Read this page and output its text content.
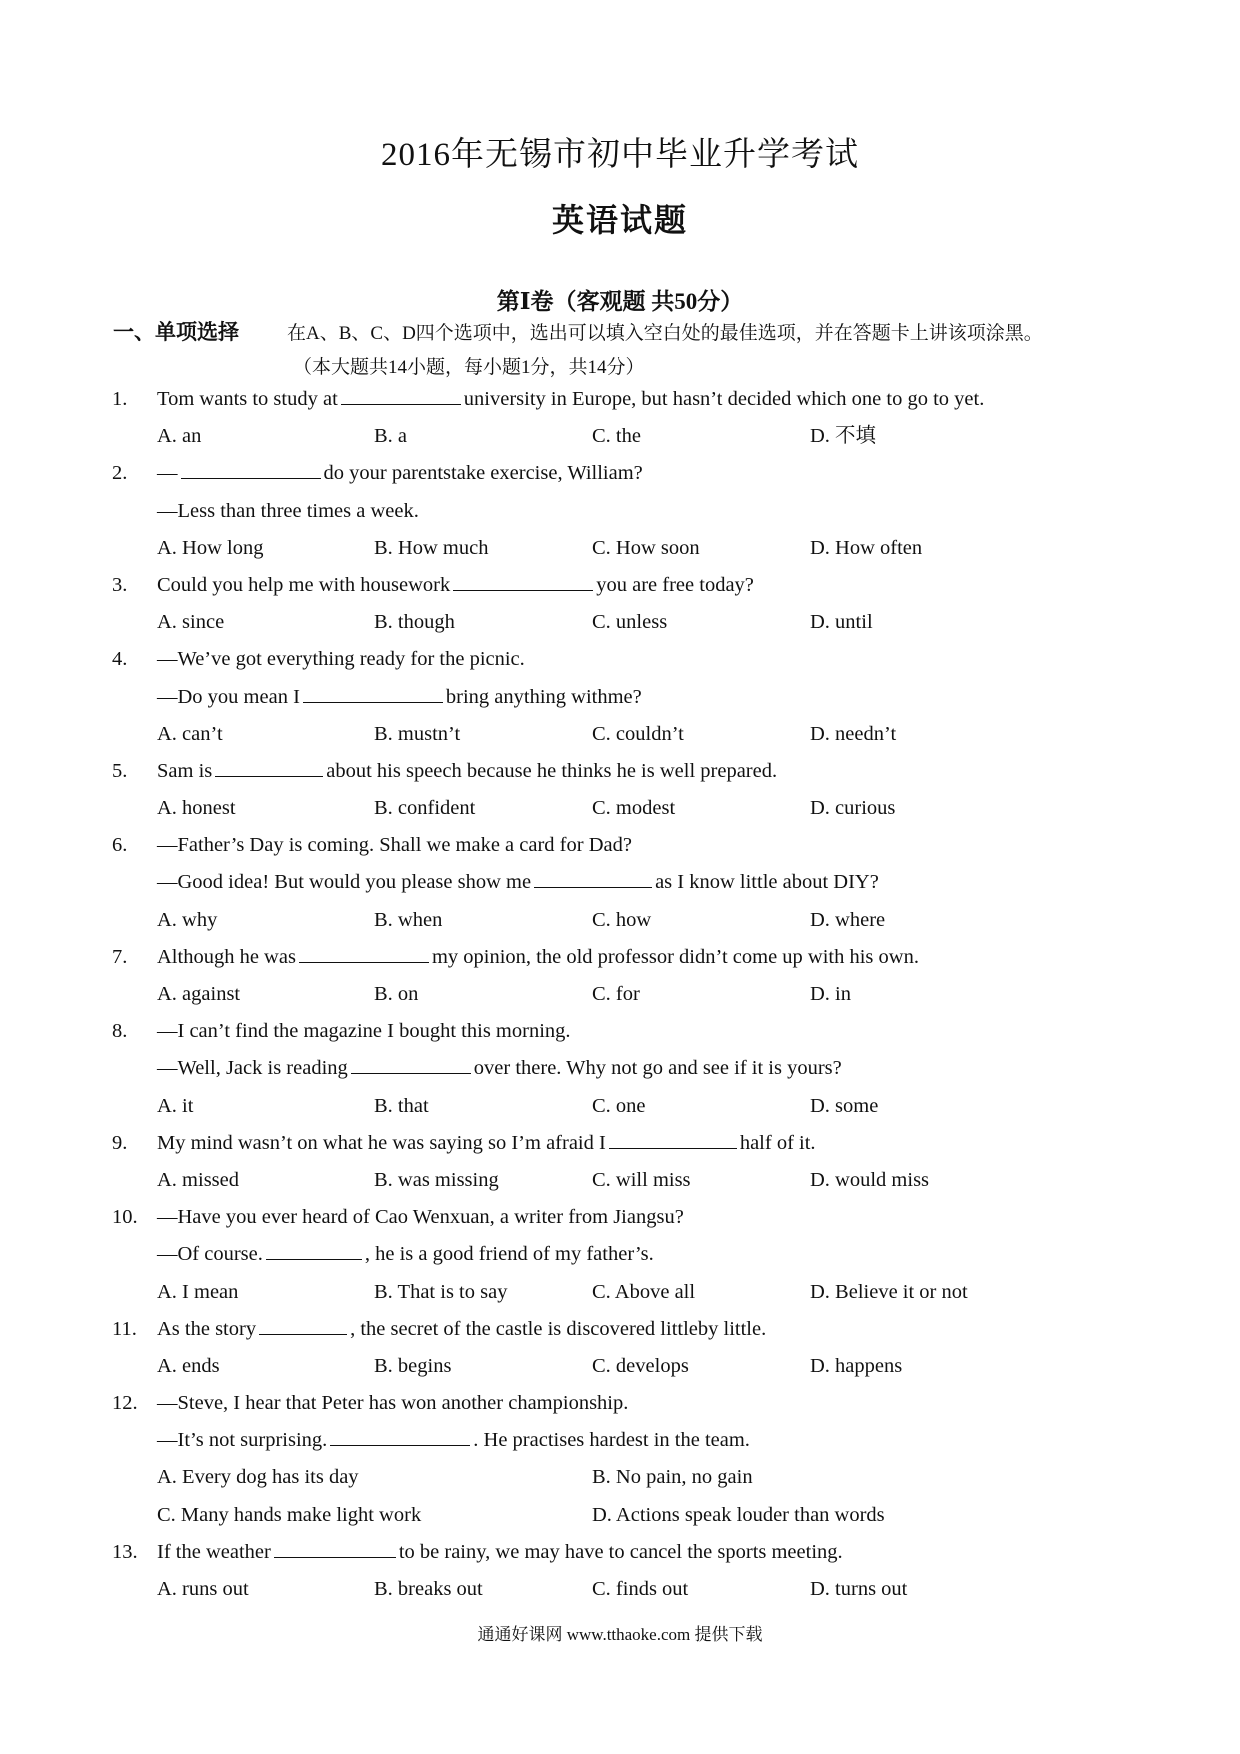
2016年无锡市初中毕业升学考试
英语试题
第Ⅰ卷（客观题 共50分）
一、单项选择	在A、B、C、D四个选项中，选出可以填入空白处的最佳选项，并在答题卡上讲该项涂黑。
（本大题共14小题，每小题1分，共14分）
1. Tom wants to study at	university in Europe, but hasn’t decided which one to go to yet.
A. an	B. a	C. the	D. 不填
2. —	do your parentstake exercise, William?
—Less than three times a week.
A. How long	B. How much	C. How soon	D. How often
3. Could you help me with housework	you are free today?
A. since	B. though	C. unless	D. until
4. —We’ve got everything ready for the picnic.
—Do you mean I	bring anything withme?
A. can’t	B. mustn’t	C. couldn’t	D. needn’t
5. Sam is	about his speech because he thinks he is well prepared.
A. honest	B. confident	C. modest	D. curious
6. —Father’s Day is coming. Shall we make a card for Dad?
—Good idea! But would you please show me	as I know little about DIY?
A. why	B. when	C. how	D. where
7. Although he was	my opinion, the old professor didn’t come up with his own.
A. against	B. on	C. for	D. in
8. —I can’t find the magazine I bought this morning.
—Well, Jack is reading	over there. Why not go and see if it is yours?
A. it	B. that	C. one	D. some
9. My mind wasn’t on what he was saying so I’m afraid I	half of it.
A. missed	B. was missing	C. will miss	D. would miss
10. —Have you ever heard of Cao Wenxuan, a writer from Jiangsu?
—Of course.	, he is a good friend of my father’s.
A. I mean	B. That is to say	C. Above all	D. Believe it or not
11. As the story	, the secret of the castle is discovered littleby little.
A. ends	B. begins	C. develops	D. happens
12. —Steve, I hear that Peter has won another championship.
—It’s not surprising.	. He practises hardest in the team.
A. Every dog has its day	B. No pain, no gain
C. Many hands make light work	D. Actions speak louder than words
13. If the weather	to be rainy, we may have to cancel the sports meeting.
A. runs out	B. breaks out	C. finds out	D. turns out
通通好课网 www.tthaoke.com 提供下载
